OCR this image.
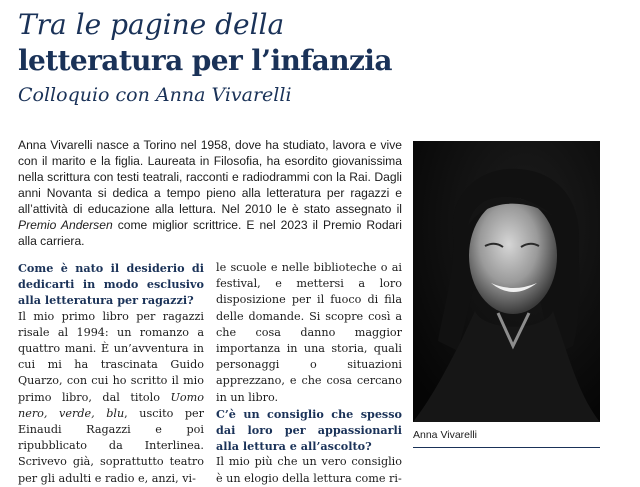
Tra le pagine della
letteratura per l’infanzia
Colloquio con Anna Vivarelli

Anna Vivarelli nasce a Torino nel 1958, dove ha studiato, lavora e vive con il marito e la figlia. Laureata in Filosofia, ha esordito giovanissima nella scrittura con testi teatrali, racconti e radiodrammi con la Rai. Dagli anni Novanta si dedica a tempo pieno alla letteratura per ragazzi e all’attività di educazione alla lettura. Nel 2010 le è stato assegnato il Premio Andersen come miglior scrittrice. E nel 2023 il Premio Rodari alla carriera.

Come è nato il desiderio di dedicarti in modo esclusivo alla letteratura per ragazzi?

Il mio primo libro per ragazzi risale al 1994: un romanzo a quattro mani. È un’avventura in cui mi ha trascinata Guido Quarzo, con cui ho scritto il mio primo libro, dal titolo Uomo nero, verde, blu, uscito per Einaudi Ragazzi e poi ripubblicato da Interlinea. Scrivevo già, soprattutto teatro per gli adulti e radio e, anzi, vi-

le scuole e nelle biblioteche o ai festival, e mettersi a loro disposizione per il fuoco di fila delle domande. Si scopre così a che cosa danno maggior importanza in una storia, quali personaggi o situazioni apprezzano, e che cosa cercano in un libro.

C’è un consiglio che spesso dai loro per appassionarli alla lettura e all’ascolto?

Il mio più che un vero consiglio è un elogio della lettura come ri-

Anna Vivarelli
